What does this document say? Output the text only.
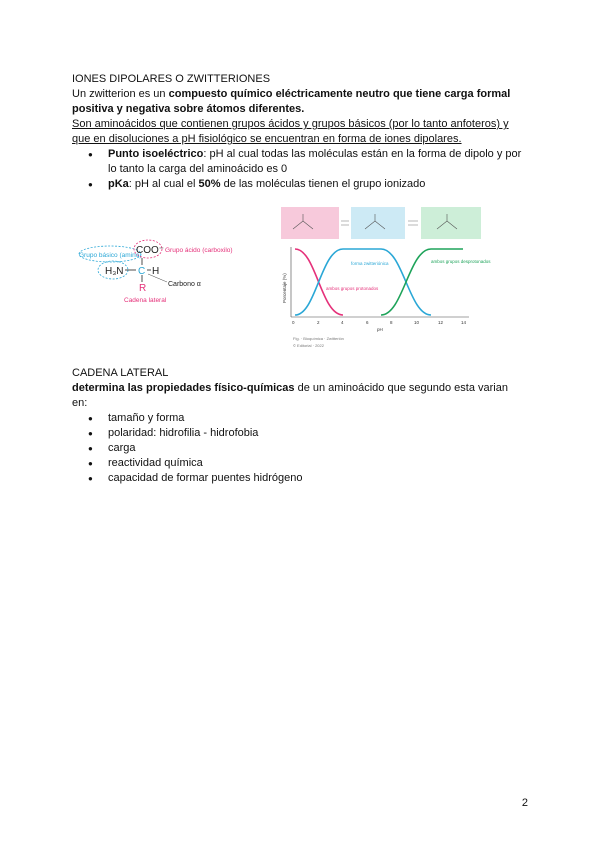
IONES DIPOLARES O ZWITTERIONES
Un zwitterion es un compuesto químico eléctricamente neutro que tiene carga formal
positiva y negativa sobre átomos diferentes.
Son aminoácidos que contienen grupos ácidos y grupos básicos (por lo tanto anfoteros) y
que en disoluciones a pH fisiológico se encuentran en forma de iones dipolares.
● Punto isoeléctrico: pH al cual todas las moléculas están en la forma de dipolo y por
lo tanto la carga del aminoácido es 0
● pKa: pH al cual el 50% de las moléculas tienen el grupo ionizado
Grupo básico (amino)
COO⁻ Grupo ácido (carboxilo)
H₃N C H
R	Carbono α
Cadena lateral	Porcentaje (%)
forma zwitteriónica	ambos grupos desprotonados
ambos grupos protonados
0	2	4	6	8	10	12	14
pH
Fig. · Bioquímica · Zwitterión
© Editorial · 2022
CADENA LATERAL
determina las propiedades físico-químicas de un aminoácido que segundo esta varian
en:
● tamaño y forma
● polaridad: hidrofilia - hidrofobia
● carga
● reactividad química
● capacidad de formar puentes hidrógeno
2
